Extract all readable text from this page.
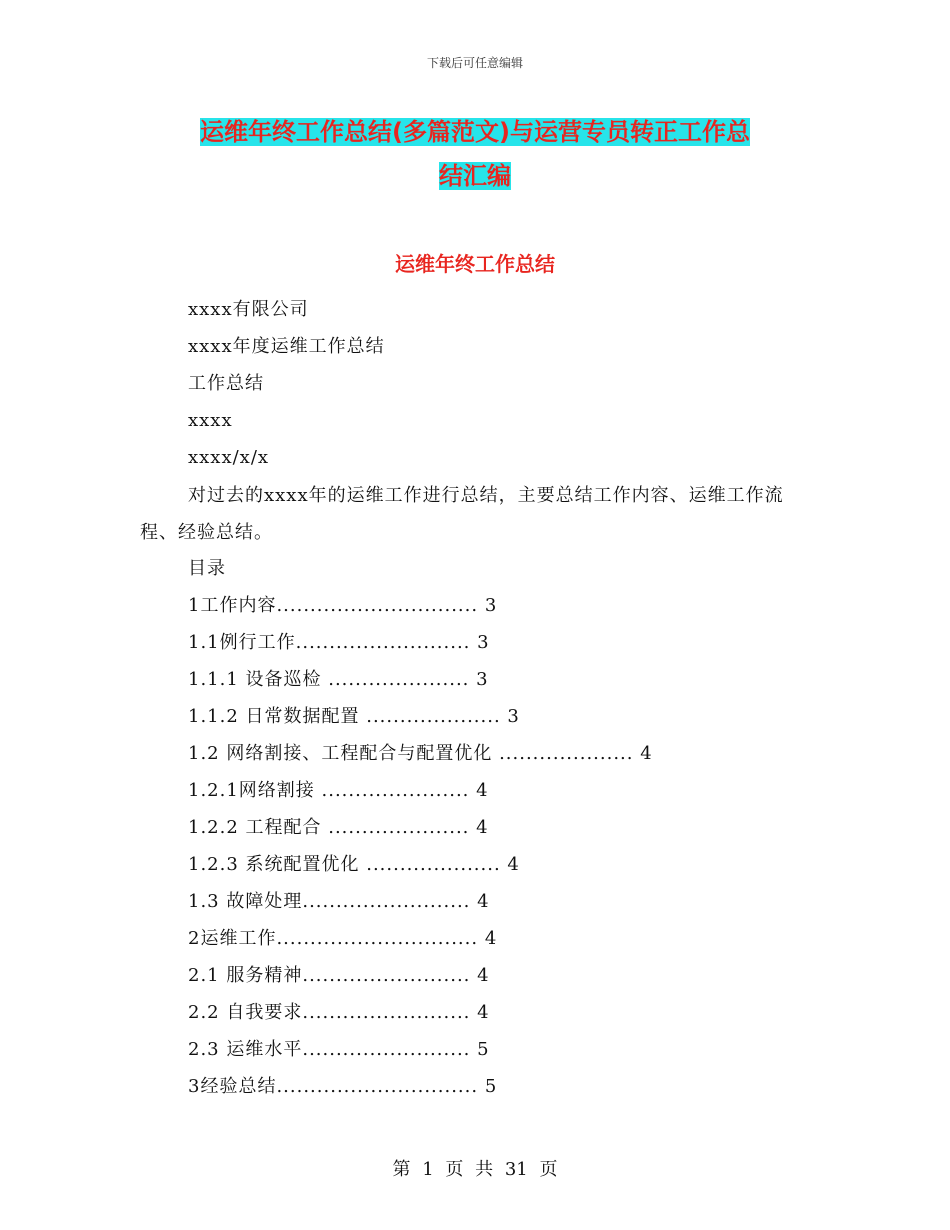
下载后可任意编辑
运维年终工作总结(多篇范文)与运营专员转正工作总
结汇编
运维年终工作总结
xxxx有限公司
xxxx年度运维工作总结
工作总结
xxxx
xxxx/x/x
对过去的xxxx年的运维工作进行总结，主要总结工作内容、运维工作流程、经验总结。
目录
1工作内容.............................. 3
1.1例行工作.......................... 3
1.1.1 设备巡检 ..................... 3
1.1.2 日常数据配置 .................... 3
1.2 网络割接、工程配合与配置优化 .................... 4
1.2.1网络割接 ...................... 4
1.2.2 工程配合 ..................... 4
1.2.3 系统配置优化 .................... 4
1.3 故障处理......................... 4
2运维工作.............................. 4
2.1 服务精神......................... 4
2.2 自我要求......................... 4
2.3 运维水平......................... 5
3经验总结.............................. 5
第 1 页 共 31 页
